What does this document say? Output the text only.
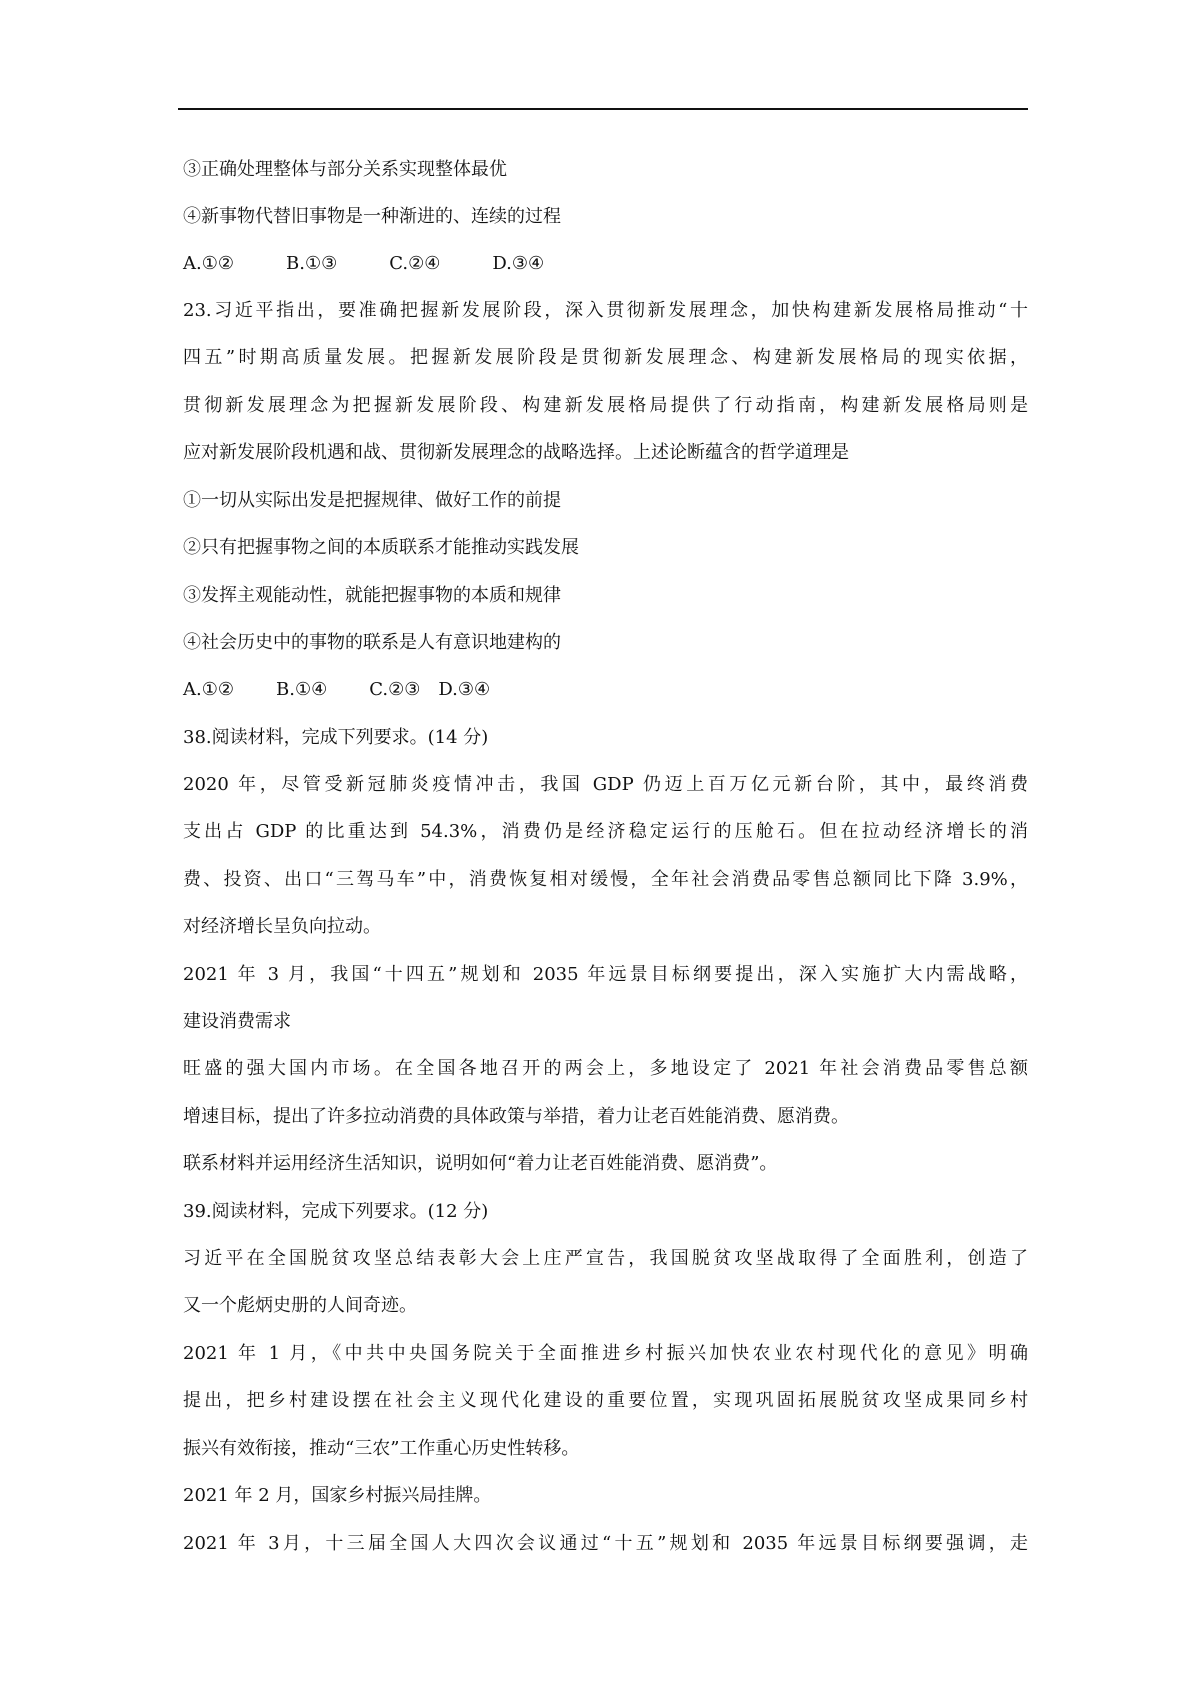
③正确处理整体与部分关系实现整体最优
④新事物代替旧事物是一种渐进的、连续的过程
A.①②	B.①③	C.②④	D.③④
23.习近平指出，要准确把握新发展阶段，深入贯彻新发展理念，加快构建新发展格局推动“十
四五”时期高质量发展。把握新发展阶段是贯彻新发展理念、构建新发展格局的现实依据，
贯彻新发展理念为把握新发展阶段、构建新发展格局提供了行动指南，构建新发展格局则是
应对新发展阶段机遇和战、贯彻新发展理念的战略选择。上述论断蕴含的哲学道理是
①一切从实际出发是把握规律、做好工作的前提
②只有把握事物之间的本质联系才能推动实践发展
③发挥主观能动性，就能把握事物的本质和规律
④社会历史中的事物的联系是人有意识地建构的
A.①② B.①④ C.②③ D.③④
38.阅读材料，完成下列要求。(14 分)
2020 年，尽管受新冠肺炎疫情冲击，我国 GDP 仍迈上百万亿元新台阶，其中，最终消费
支出占 GDP 的比重达到 54.3%，消费仍是经济稳定运行的压舱石。但在拉动经济增长的消
费、投资、出口“三驾马车”中，消费恢复相对缓慢，全年社会消费品零售总额同比下降 3.9%，
对经济增长呈负向拉动。
2021 年 3 月，我国“十四五”规划和 2035 年远景目标纲要提出，深入实施扩大内需战略，
建设消费需求
旺盛的强大国内市场。在全国各地召开的两会上，多地设定了 2021 年社会消费品零售总额
增速目标，提出了许多拉动消费的具体政策与举措，着力让老百姓能消费、愿消费。
联系材料并运用经济生活知识，说明如何“着力让老百姓能消费、愿消费”。
39.阅读材料，完成下列要求。(12 分)
习近平在全国脱贫攻坚总结表彰大会上庄严宣告，我国脱贫攻坚战取得了全面胜利，创造了
又一个彪炳史册的人间奇迹。
2021 年 1 月，《中共中央国务院关于全面推进乡村振兴加快农业农村现代化的意见》明确
提出，把乡村建设摆在社会主义现代化建设的重要位置，实现巩固拓展脱贫攻坚成果同乡村
振兴有效衔接，推动“三农”工作重心历史性转移。
2021 年 2 月，国家乡村振兴局挂牌。
2021 年 3月，十三届全国人大四次会议通过“十五”规划和 2035 年远景目标纲要强调，走
